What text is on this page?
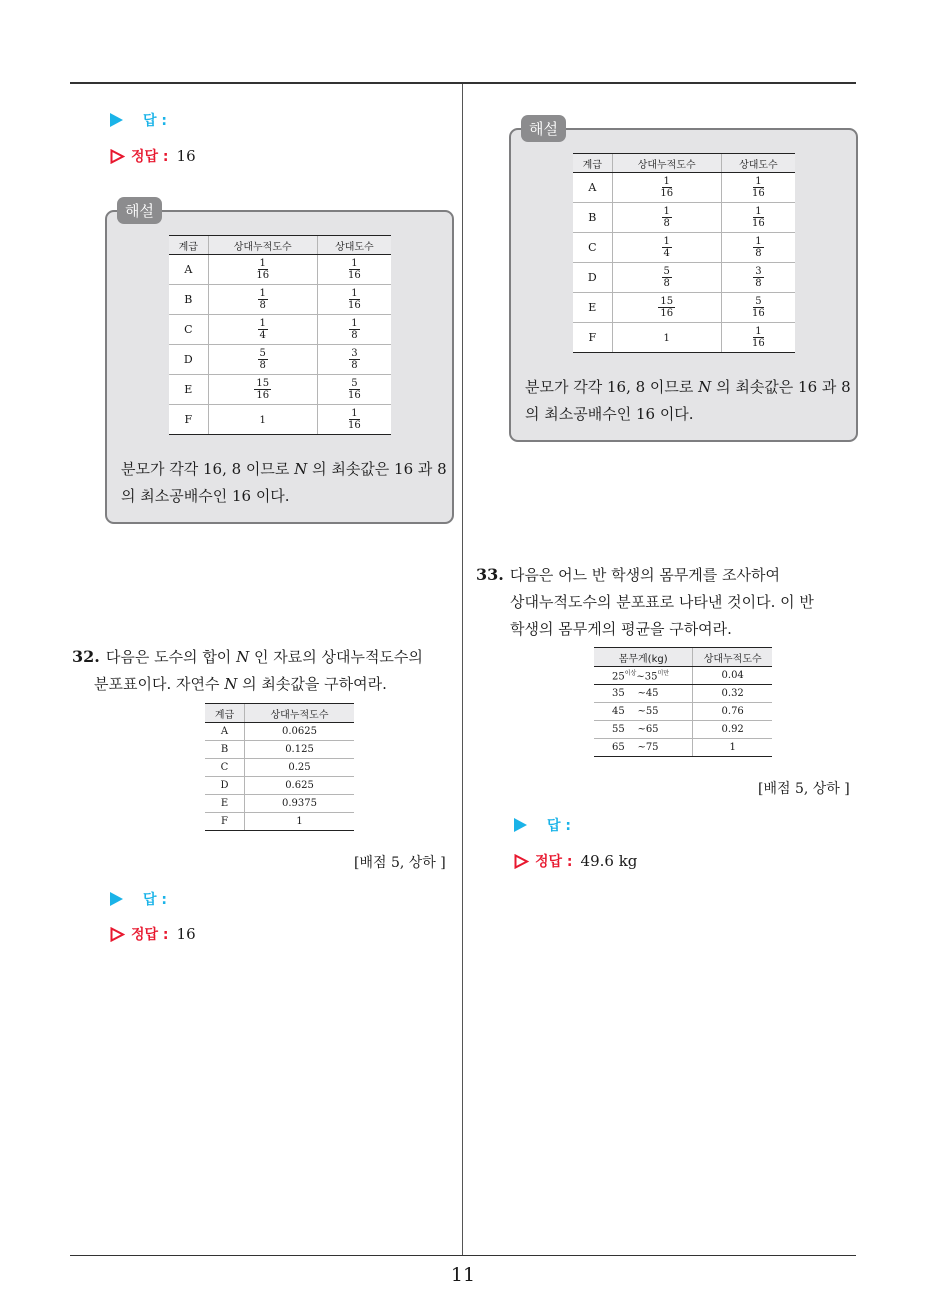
11
답 :
정답 : 16
해설
계급	상대누적도수	상대도수
A	$\frac{1}{16}$	$\frac{1}{16}$

B	$\frac{1}{8}$	$\frac{1}{16}$

C	$\frac{1}{4}$	$\frac{1}{8}$

D	$\frac{5}{8}$	$\frac{3}{8}$

E	$\frac{15}{16}$	$\frac{5}{16}$

F	1	$\frac{1}{16}$
분모가 각각 16, 8 이므로 N 의 최솟값은 16 과 8
의 최소공배수인 16 이다.
32. 다음은 도수의 합이 N 인 자료의 상대누적도수의
분포표이다. 자연수 N 의 최솟값을 구하여라.
계급	상대누적도수
A	0.0625
B	0.125
C	0.25
D	0.625
E	0.9375
F	1
[배점 5, 상하 ]
답 :
정답 : 16
해설
계급	상대누적도수	상대도수
A	$\frac{1}{16}$	$\frac{1}{16}$

B	$\frac{1}{8}$	$\frac{1}{16}$

C	$\frac{1}{4}$	$\frac{1}{8}$

D	$\frac{5}{8}$	$\frac{3}{8}$

E	$\frac{15}{16}$	$\frac{5}{16}$

F	1	$\frac{1}{16}$
분모가 각각 16, 8 이므로 N 의 최솟값은 16 과 8
의 최소공배수인 16 이다.
33. 다음은 어느 반 학생의 몸무게를 조사하여
상대누적도수의 분포표로 나타낸 것이다. 이 반
학생의 몸무게의 평균을 구하여라.
몸무게(kg)	상대누적도수
$25^{이상}\sim 35^{미만}$	0.04
35    ~45	0.32
45    ~55	0.76
55    ~65	0.92
65    ~75	1
[배점 5, 상하 ]
답 :
정답 : 49.6 kg
